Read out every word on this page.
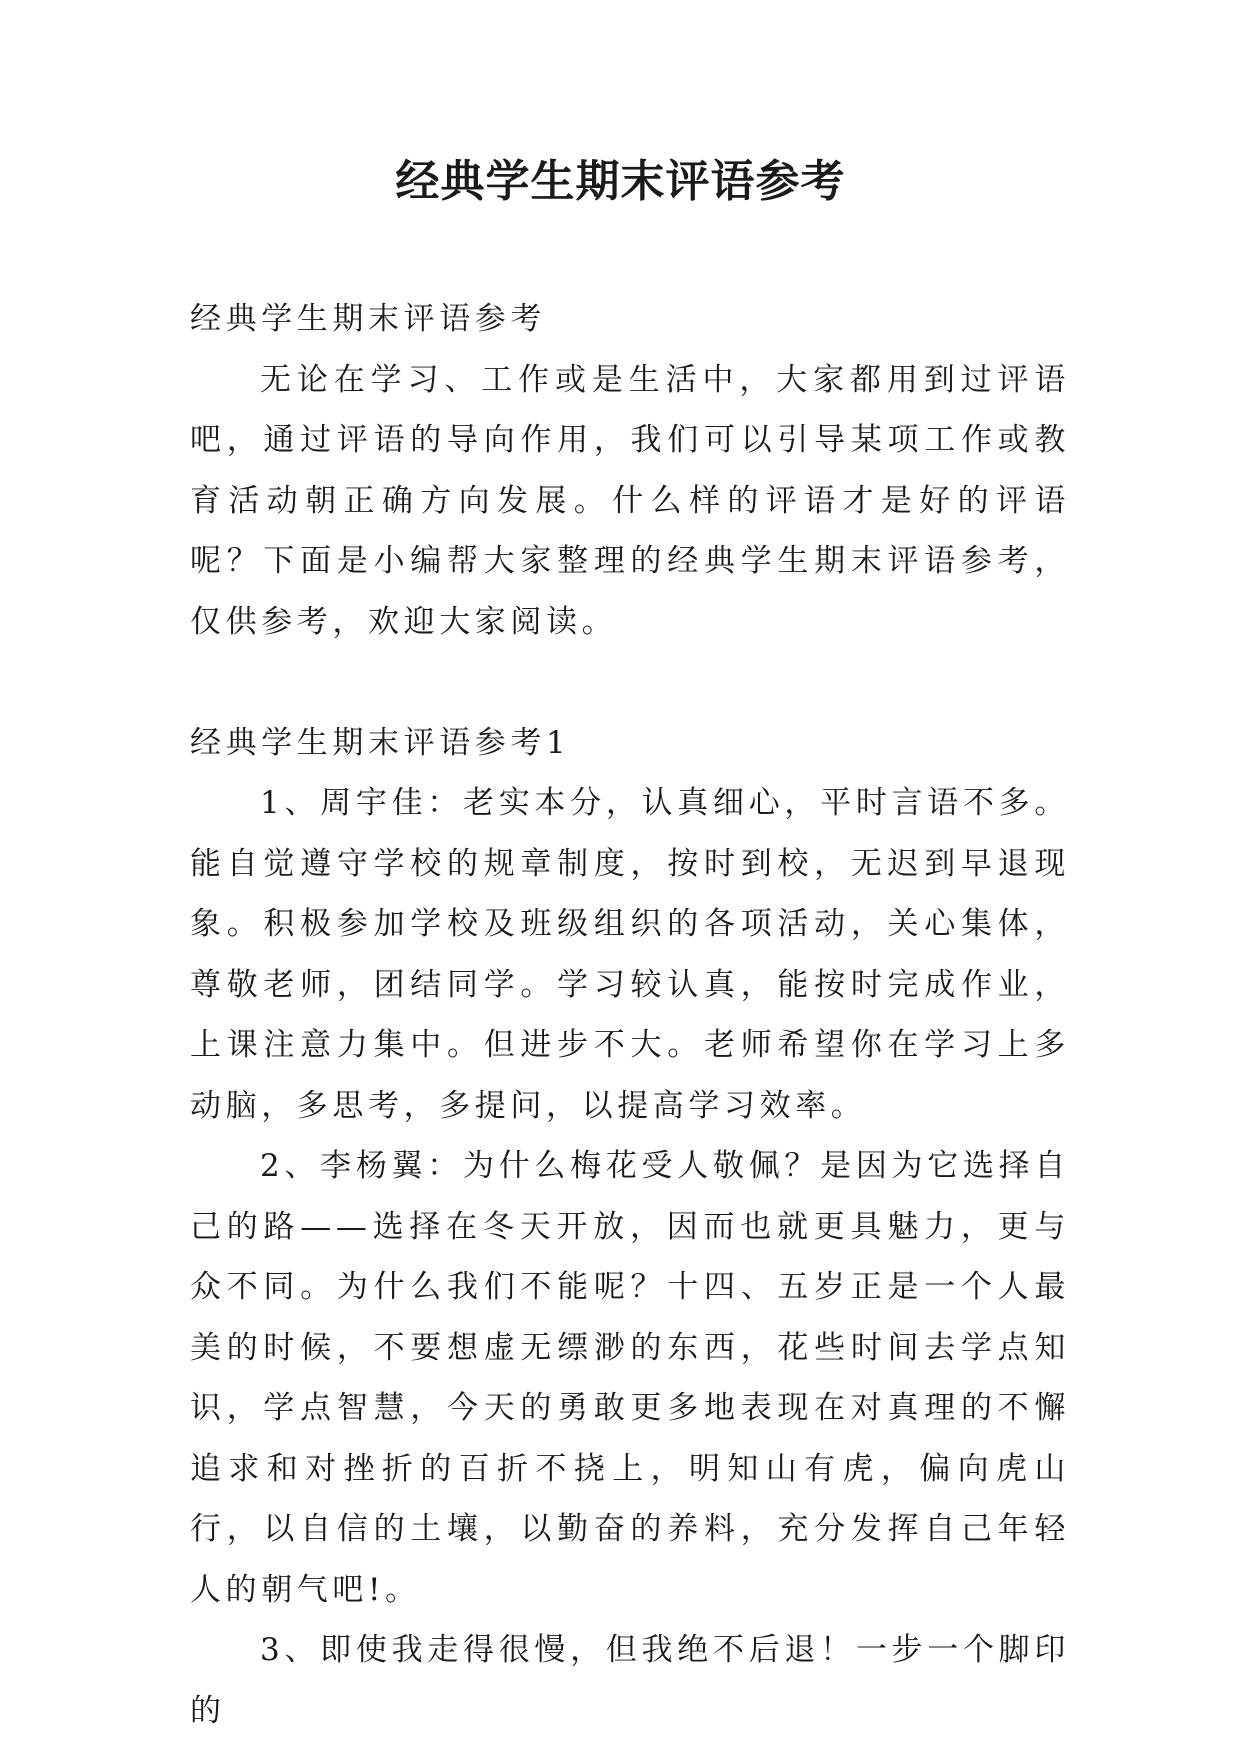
经典学生期末评语参考

经典学生期末评语参考

无论在学习、工作或是生活中，大家都用到过评语吧，通过评语的导向作用，我们可以引导某项工作或教育活动朝正确方向发展。什么样的评语才是好的评语呢？下面是小编帮大家整理的经典学生期末评语参考，仅供参考，欢迎大家阅读。

经典学生期末评语参考1

1、周宇佳：老实本分，认真细心，平时言语不多。能自觉遵守学校的规章制度，按时到校，无迟到早退现象。积极参加学校及班级组织的各项活动，关心集体，尊敬老师，团结同学。学习较认真，能按时完成作业，上课注意力集中。但进步不大。老师希望你在学习上多动脑，多思考，多提问，以提高学习效率。

2、李杨翼：为什么梅花受人敬佩？是因为它选择自己的路——选择在冬天开放，因而也就更具魅力，更与众不同。为什么我们不能呢？十四、五岁正是一个人最美的时候，不要想虚无缥渺的东西，花些时间去学点知识，学点智慧，今天的勇敢更多地表现在对真理的不懈追求和对挫折的百折不挠上，明知山有虎，偏向虎山行，以自信的土壤，以勤奋的养料，充分发挥自己年轻人的朝气吧!。

3、即使我走得很慢，但我绝不后退！一步一个脚印的
